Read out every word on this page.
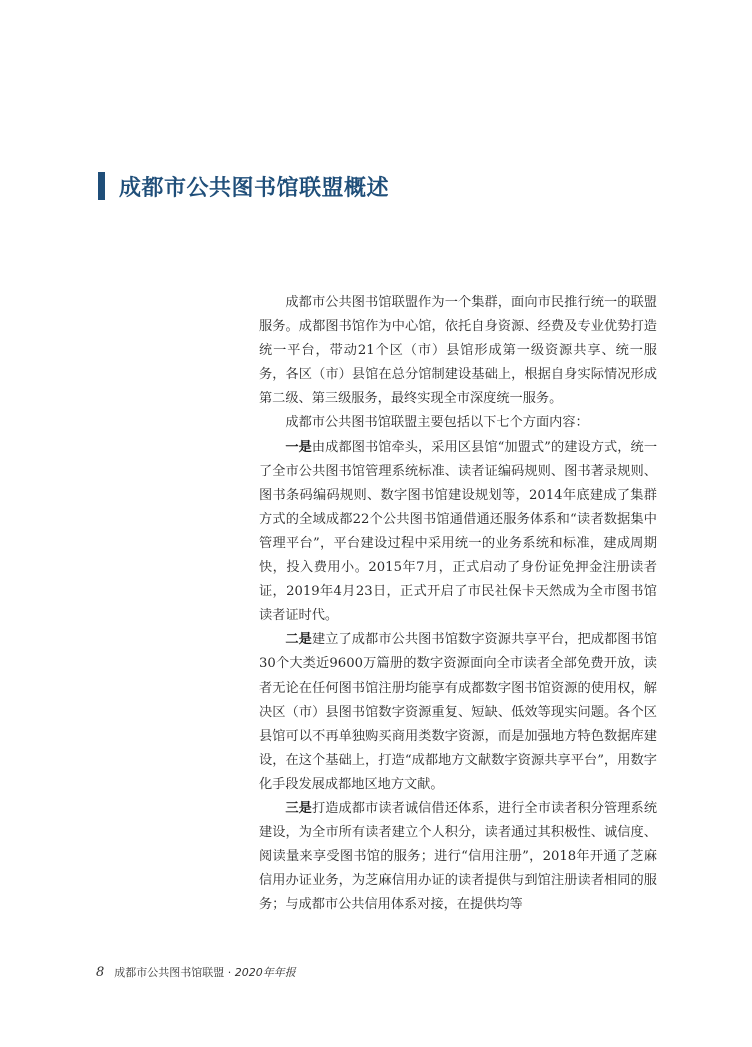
成都市公共图书馆联盟概述

成都市公共图书馆联盟作为一个集群，面向市民推行统一的联盟服务。成都图书馆作为中心馆，依托自身资源、经费及专业优势打造统一平台，带动21个区（市）县馆形成第一级资源共享、统一服务，各区（市）县馆在总分馆制建设基础上，根据自身实际情况形成第二级、第三级服务，最终实现全市深度统一服务。

成都市公共图书馆联盟主要包括以下七个方面内容：

一是由成都图书馆牵头，采用区县馆“加盟式”的建设方式，统一了全市公共图书馆管理系统标准、读者证编码规则、图书著录规则、图书条码编码规则、数字图书馆建设规划等，2014年底建成了集群方式的全域成都22个公共图书馆通借通还服务体系和“读者数据集中管理平台”，平台建设过程中采用统一的业务系统和标准，建成周期快，投入费用小。2015年7月，正式启动了身份证免押金注册读者证，2019年4月23日，正式开启了市民社保卡天然成为全市图书馆读者证时代。

二是建立了成都市公共图书馆数字资源共享平台，把成都图书馆30个大类近9600万篇册的数字资源面向全市读者全部免费开放，读者无论在任何图书馆注册均能享有成都数字图书馆资源的使用权，解决区（市）县图书馆数字资源重复、短缺、低效等现实问题。各个区县馆可以不再单独购买商用类数字资源，而是加强地方特色数据库建设，在这个基础上，打造“成都地方文献数字资源共享平台”，用数字化手段发展成都地区地方文献。

三是打造成都市读者诚信借还体系，进行全市读者积分管理系统建设，为全市所有读者建立个人积分，读者通过其积极性、诚信度、阅读量来享受图书馆的服务；进行“信用注册”，2018年开通了芝麻信用办证业务，为芝麻信用办证的读者提供与到馆注册读者相同的服务；与成都市公共信用体系对接，在提供均等

8 成都市公共图书馆联盟 · 2020年年报
